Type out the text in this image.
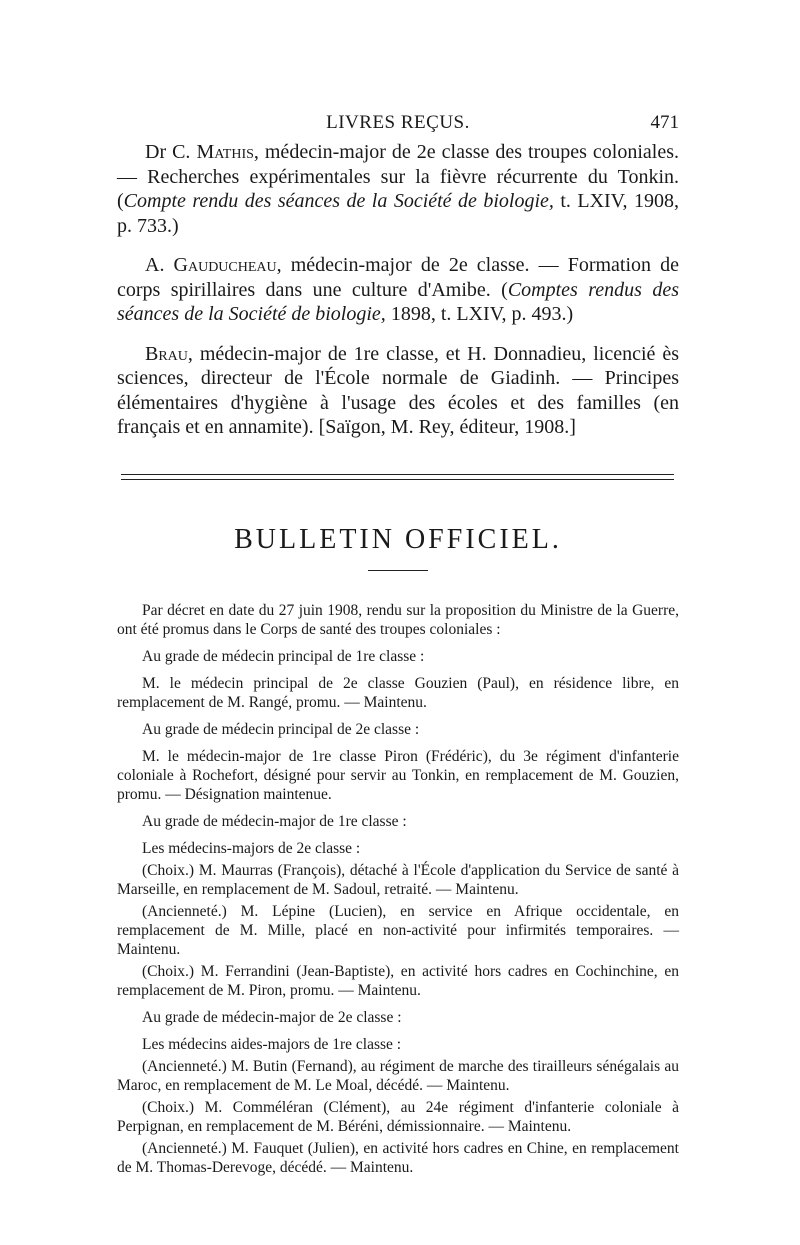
LIVRES REÇUS.	471

Dr C. Mathis, médecin-major de 2e classe des troupes coloniales. — Recherches expérimentales sur la fièvre récurrente du Tonkin. (Compte rendu des séances de la Société de biologie, t. LXIV, 1908, p. 733.)

A. Gauducheau, médecin-major de 2e classe. — Formation de corps spirillaires dans une culture d'Amibe. (Comptes rendus des séances de la Société de biologie, 1898, t. LXIV, p. 493.)

Brau, médecin-major de 1re classe, et H. Donnadieu, licencié ès sciences, directeur de l'École normale de Giadinh. — Principes élémentaires d'hygiène à l'usage des écoles et des familles (en français et en annamite). [Saïgon, M. Rey, éditeur, 1908.]

BULLETIN OFFICIEL.

Par décret en date du 27 juin 1908, rendu sur la proposition du Ministre de la Guerre, ont été promus dans le Corps de santé des troupes coloniales :

Au grade de médecin principal de 1re classe :

M. le médecin principal de 2e classe Gouzien (Paul), en résidence libre, en remplacement de M. Rangé, promu. — Maintenu.

Au grade de médecin principal de 2e classe :

M. le médecin-major de 1re classe Piron (Frédéric), du 3e régiment d'infanterie coloniale à Rochefort, désigné pour servir au Tonkin, en remplacement de M. Gouzien, promu. — Désignation maintenue.

Au grade de médecin-major de 1re classe :

Les médecins-majors de 2e classe :

(Choix.) M. Maurras (François), détaché à l'École d'application du Service de santé à Marseille, en remplacement de M. Sadoul, retraité. — Maintenu.

(Ancienneté.) M. Lépine (Lucien), en service en Afrique occidentale, en remplacement de M. Mille, placé en non-activité pour infirmités temporaires. — Maintenu.

(Choix.) M. Ferrandini (Jean-Baptiste), en activité hors cadres en Cochinchine, en remplacement de M. Piron, promu. — Maintenu.

Au grade de médecin-major de 2e classe :

Les médecins aides-majors de 1re classe :

(Ancienneté.) M. Butin (Fernand), au régiment de marche des tirailleurs sénégalais au Maroc, en remplacement de M. Le Moal, décédé. — Maintenu.

(Choix.) M. Comméléran (Clément), au 24e régiment d'infanterie coloniale à Perpignan, en remplacement de M. Béréni, démissionnaire. — Maintenu.

(Ancienneté.) M. Fauquet (Julien), en activité hors cadres en Chine, en remplacement de M. Thomas-Derevoge, décédé. — Maintenu.
